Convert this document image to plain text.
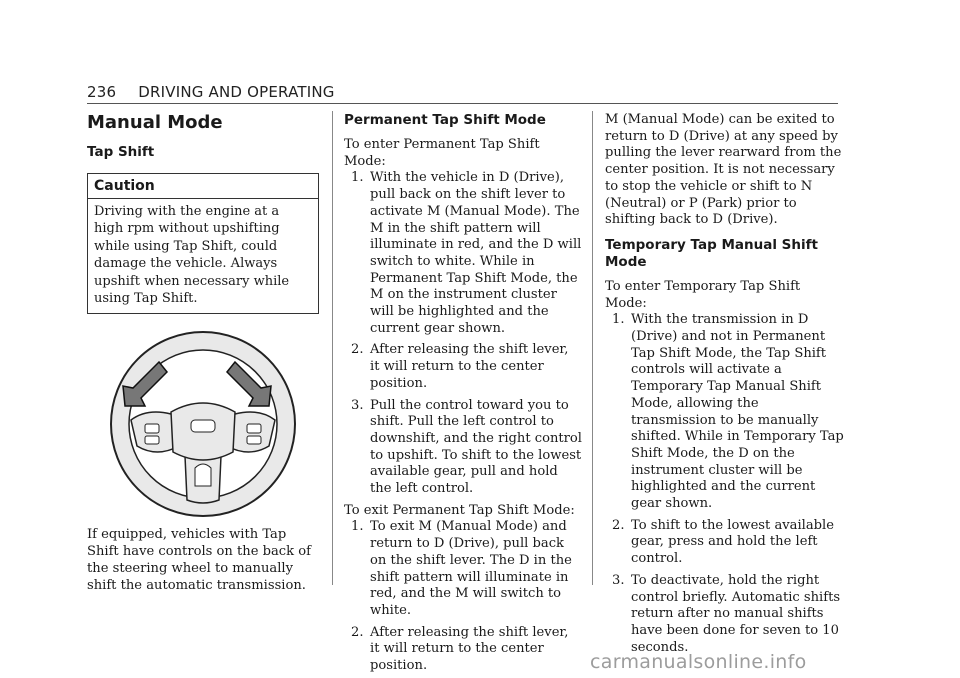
236 DRIVING AND OPERATING

Manual Mode

Tap Shift

Caution
Driving with the engine at a high rpm without upshifting while using Tap Shift, could damage the vehicle. Always upshift when necessary while using Tap Shift.

If equipped, vehicles with Tap Shift have controls on the back of the steering wheel to manually shift the automatic transmission.

Permanent Tap Shift Mode

To enter Permanent Tap Shift Mode:

1. With the vehicle in D (Drive), pull back on the shift lever to activate M (Manual Mode). The M in the shift pattern will illuminate in red, and the D will switch to white. While in Permanent Tap Shift Mode, the M on the instrument cluster will be highlighted and the current gear shown.
2. After releasing the shift lever, it will return to the center position.
3. Pull the control toward you to shift. Pull the left control to downshift, and the right control to upshift. To shift to the lowest available gear, pull and hold the left control.

To exit Permanent Tap Shift Mode:

1. To exit M (Manual Mode) and return to D (Drive), pull back on the shift lever. The D in the shift pattern will illuminate in red, and the M will switch to white.
2. After releasing the shift lever, it will return to the center position.

M (Manual Mode) can be exited to return to D (Drive) at any speed by pulling the lever rearward from the center position. It is not necessary to stop the vehicle or shift to N (Neutral) or P (Park) prior to shifting back to D (Drive).

Temporary Tap Manual Shift Mode

To enter Temporary Tap Shift Mode:

1. With the transmission in D (Drive) and not in Permanent Tap Shift Mode, the Tap Shift controls will activate a Temporary Tap Manual Shift Mode, allowing the transmission to be manually shifted. While in Temporary Tap Shift Mode, the D on the instrument cluster will be highlighted and the current gear shown.
2. To shift to the lowest available gear, press and hold the left control.
3. To deactivate, hold the right control briefly. Automatic shifts return after no manual shifts have been done for seven to 10 seconds.
carmanualsonline.info
